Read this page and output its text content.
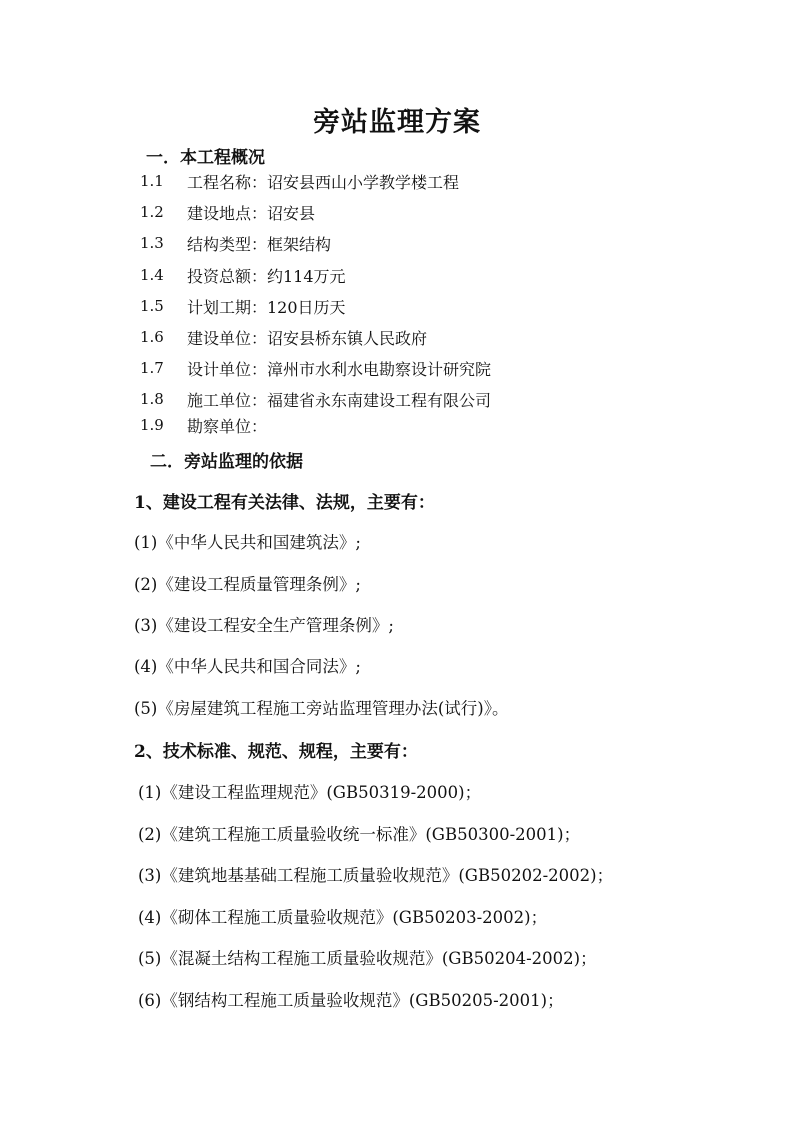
旁站监理方案
一．本工程概况
1.1	工程名称：诏安县西山小学教学楼工程
1.2	建设地点：诏安县
1.3	结构类型：框架结构
1.4	投资总额：约114万元
1.5	计划工期：120日历天
1.6	建设单位：诏安县桥东镇人民政府
1.7	设计单位：漳州市水利水电勘察设计研究院
1.8	施工单位：福建省永东南建设工程有限公司
1.9	勘察单位：
二．旁站监理的依据
1、建设工程有关法律、法规，主要有：
(1)《中华人民共和国建筑法》;
(2)《建设工程质量管理条例》;
(3)《建设工程安全生产管理条例》;
(4)《中华人民共和国合同法》;
(5)《房屋建筑工程施工旁站监理管理办法(试行)》。
2、技术标准、规范、规程，主要有：
(1)《建设工程监理规范》(GB50319-2000)；
(2)《建筑工程施工质量验收统一标准》(GB50300-2001)；
(3)《建筑地基基础工程施工质量验收规范》(GB50202-2002)；
(4)《砌体工程施工质量验收规范》(GB50203-2002)；
(5)《混凝土结构工程施工质量验收规范》(GB50204-2002)；
(6)《钢结构工程施工质量验收规范》(GB50205-2001)；
